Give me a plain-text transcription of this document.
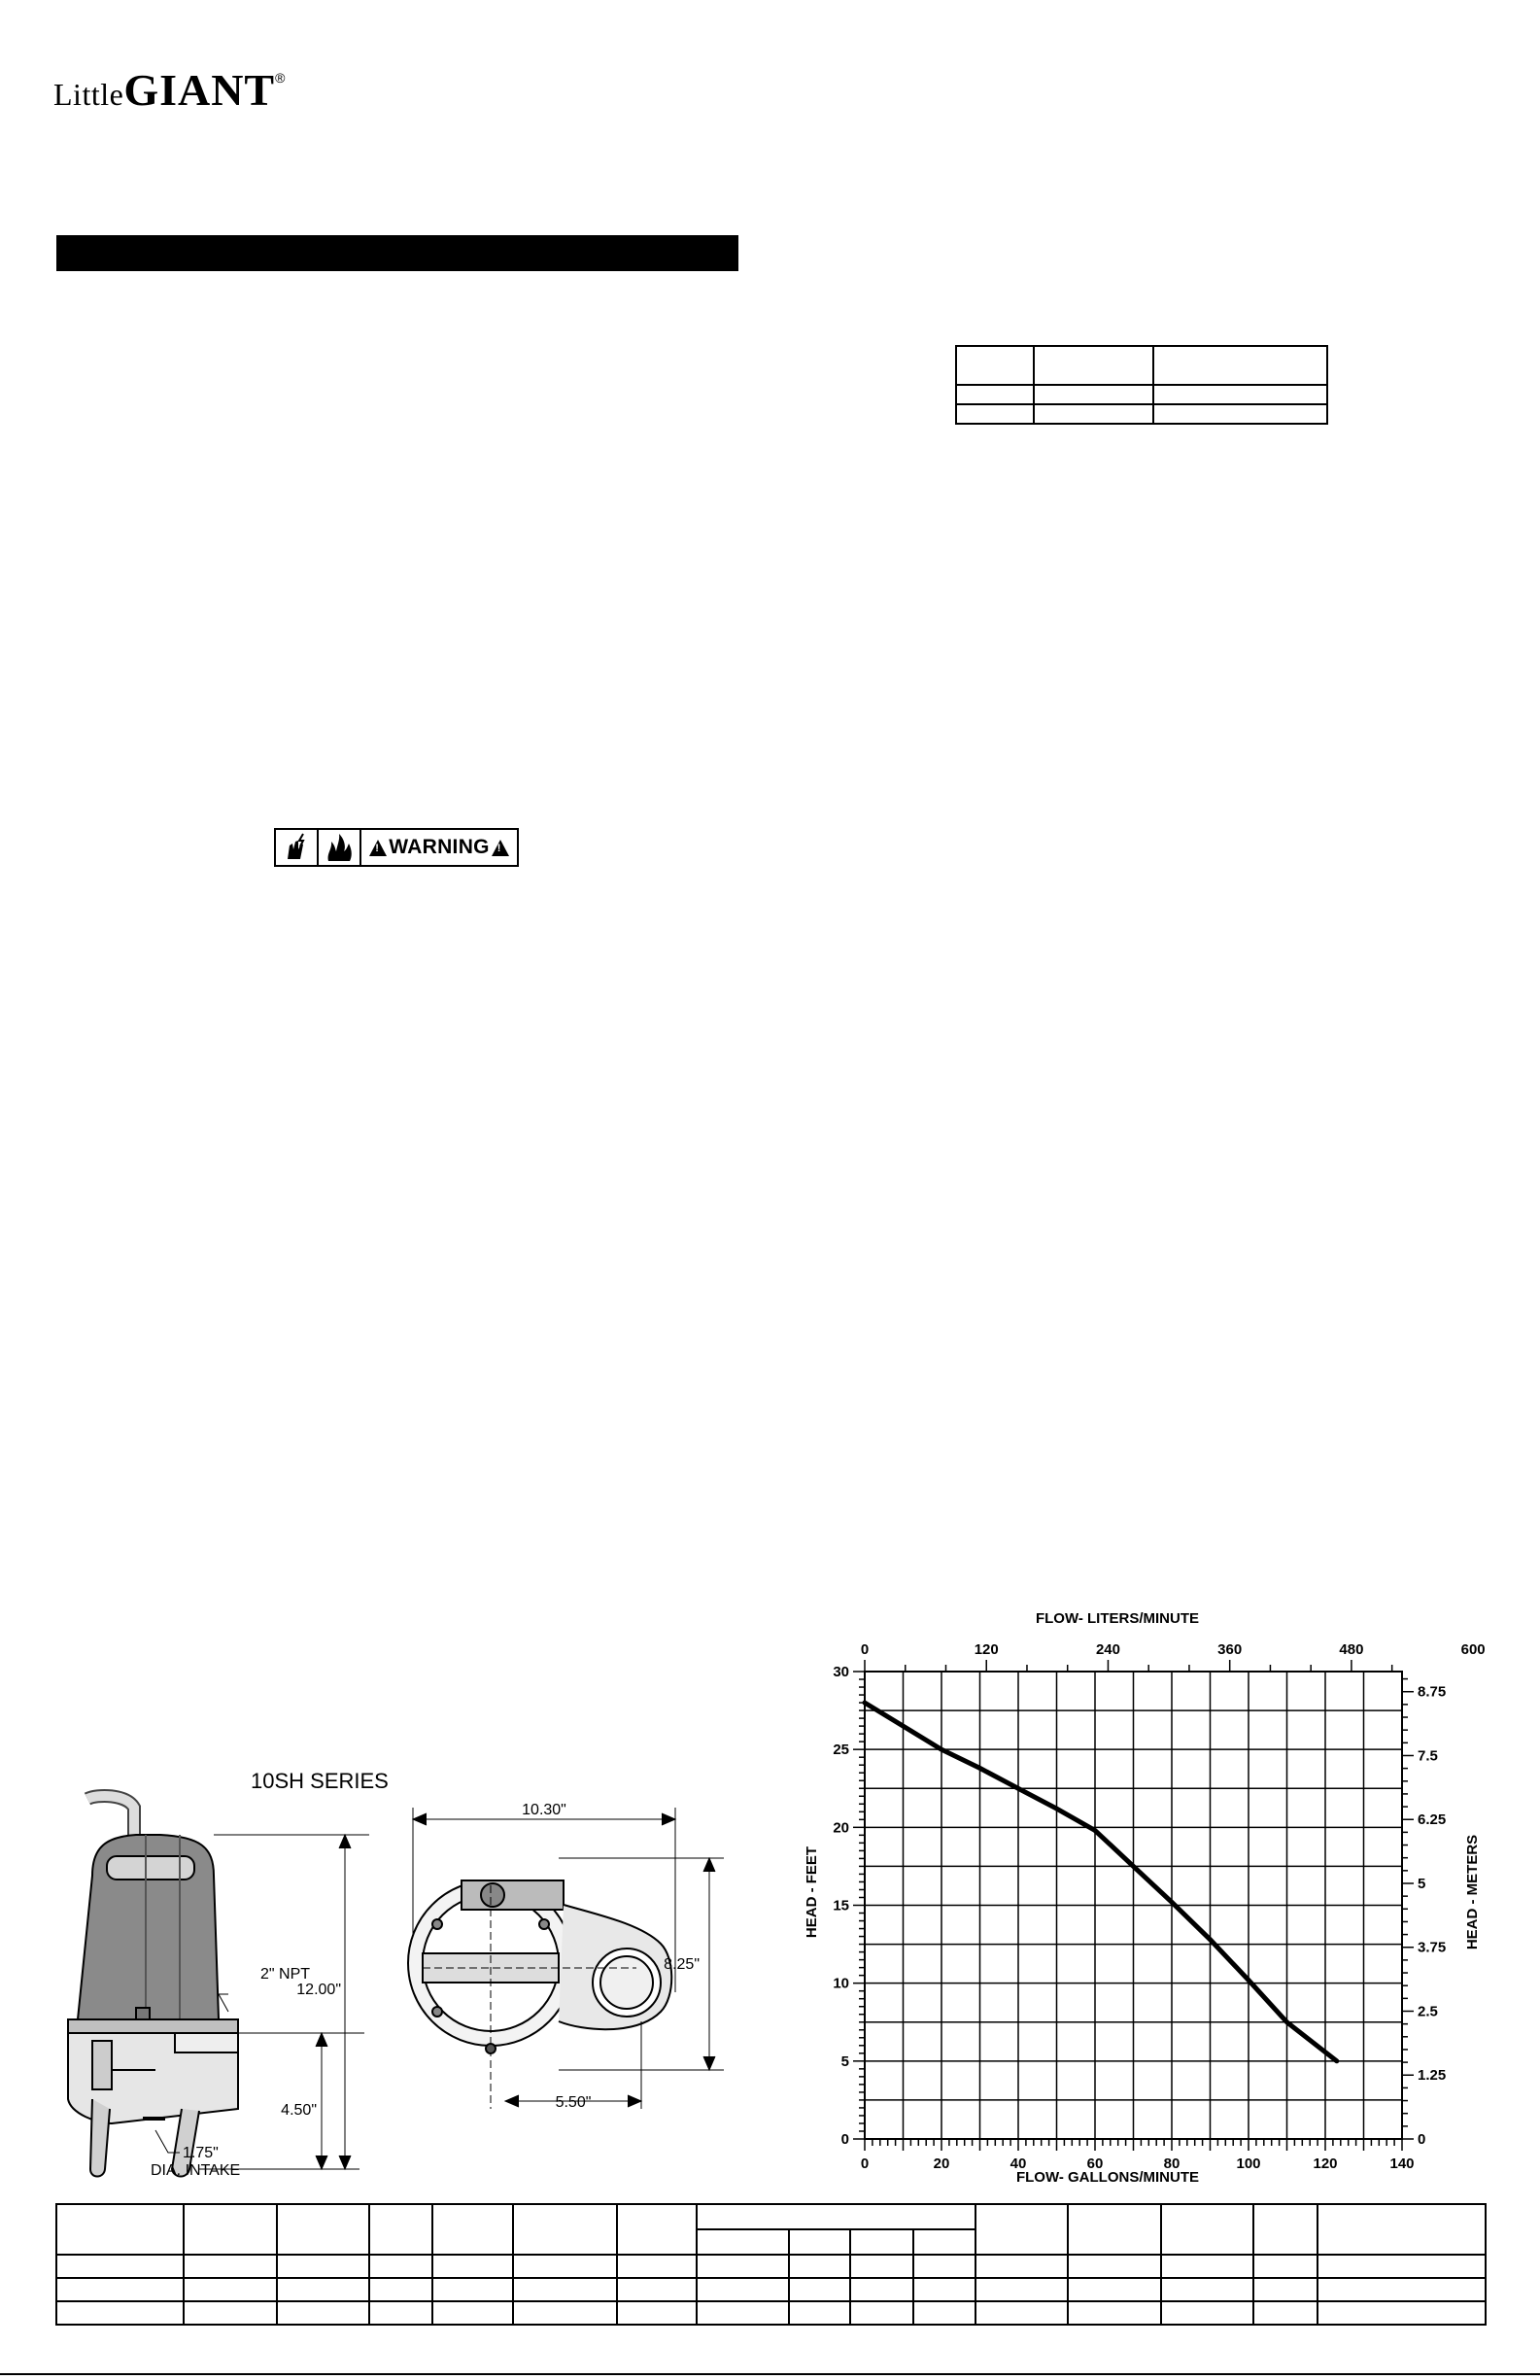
LittleGIANT®

!
WARNING
!
10SH SERIES
12.00"
2" NPT
4.50"
1.75"
DIA. INTAKE
10.30"
8.25"
5.50"
0	20	40	60	80	100	120	140
0
5
10
15
20
25
30
0	120	240	360	480	600
0
1.25
2.5
3.75
5
6.25
7.5
8.75
FLOW- GALLONS/MINUTE
FLOW- LITERS/MINUTE
HEAD - FEET	HEAD - METERS
